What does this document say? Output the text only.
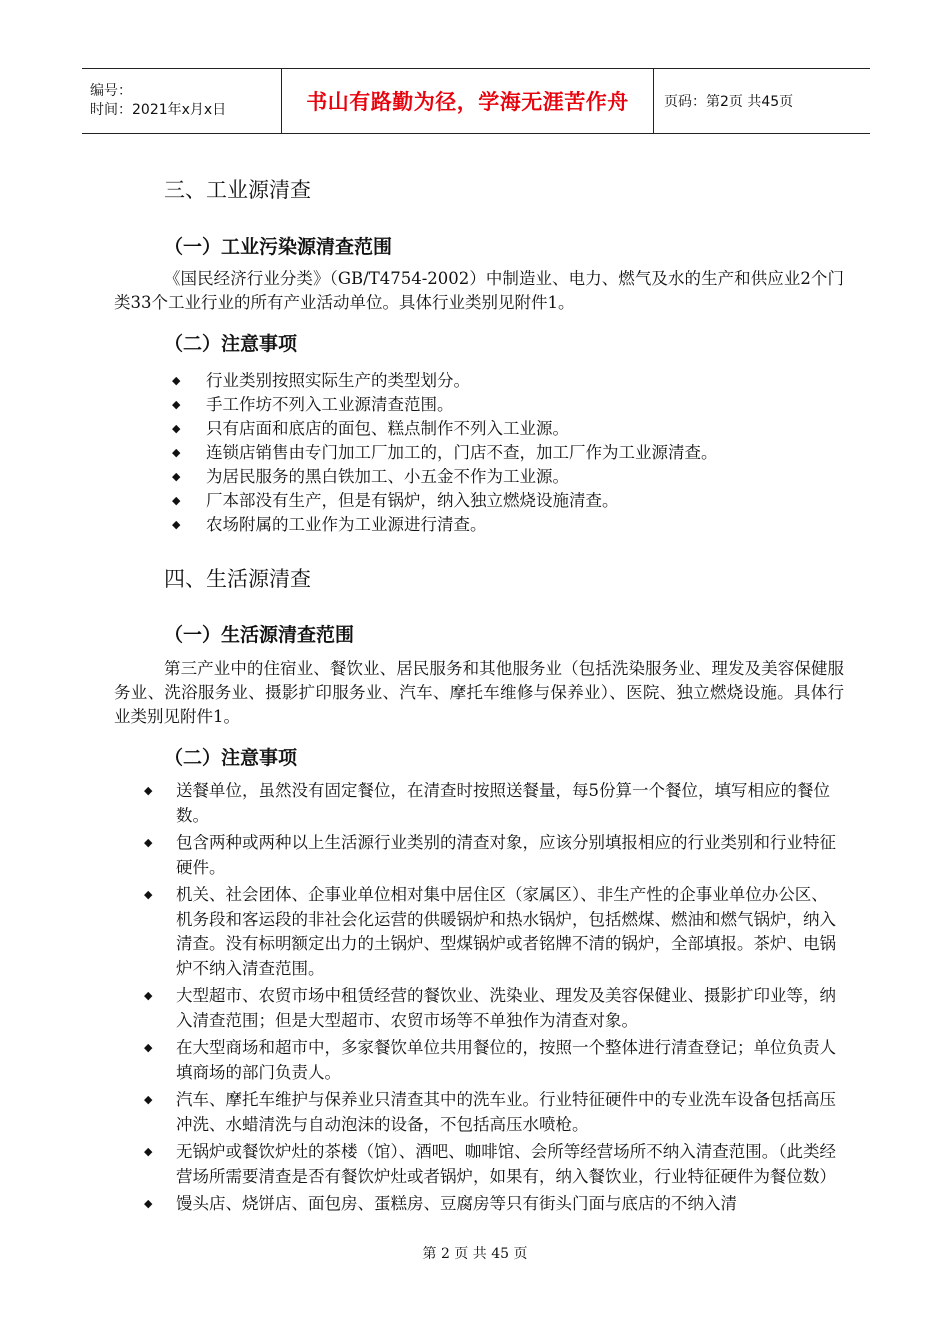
编号：
时间：2021年x月x日	书山有路勤为径，学海无涯苦作舟	页码：第2页 共45页
三、工业源清查
（一）工业污染源清查范围
《国民经济行业分类》（GB/T4754-2002）中制造业、电力、燃气及水的生产和供应业2个门类33个工业行业的所有产业活动单位。具体行业类别见附件1。
（二）注意事项
◆ 行业类别按照实际生产的类型划分。
◆ 手工作坊不列入工业源清查范围。
◆ 只有店面和底店的面包、糕点制作不列入工业源。
◆ 连锁店销售由专门加工厂加工的，门店不查，加工厂作为工业源清查。
◆ 为居民服务的黑白铁加工、小五金不作为工业源。
◆ 厂本部没有生产，但是有锅炉，纳入独立燃烧设施清查。
◆ 农场附属的工业作为工业源进行清查。
四、生活源清查
（一）生活源清查范围
第三产业中的住宿业、餐饮业、居民服务和其他服务业（包括洗染服务业、理发及美容保健服务业、洗浴服务业、摄影扩印服务业、汽车、摩托车维修与保养业）、医院、独立燃烧设施。具体行业类别见附件1。
（二）注意事项
◆ 送餐单位，虽然没有固定餐位，在清查时按照送餐量，每5份算一个餐位，填写相应的餐位数。
◆ 包含两种或两种以上生活源行业类别的清查对象，应该分别填报相应的行业类别和行业特征硬件。
◆ 机关、社会团体、企事业单位相对集中居住区（家属区）、非生产性的企事业单位办公区、机务段和客运段的非社会化运营的供暖锅炉和热水锅炉，包括燃煤、燃油和燃气锅炉，纳入清查。没有标明额定出力的土锅炉、型煤锅炉或者铭牌不清的锅炉，全部填报。茶炉、电锅炉不纳入清查范围。
◆ 大型超市、农贸市场中租赁经营的餐饮业、洗染业、理发及美容保健业、摄影扩印业等，纳入清查范围；但是大型超市、农贸市场等不单独作为清查对象。
◆ 在大型商场和超市中，多家餐饮单位共用餐位的，按照一个整体进行清查登记；单位负责人填商场的部门负责人。
◆ 汽车、摩托车维护与保养业只清查其中的洗车业。行业特征硬件中的专业洗车设备包括高压冲洗、水蜡清洗与自动泡沫的设备，不包括高压水喷枪。
◆ 无锅炉或餐饮炉灶的茶楼（馆）、酒吧、咖啡馆、会所等经营场所不纳入清查范围。（此类经营场所需要清查是否有餐饮炉灶或者锅炉，如果有，纳入餐饮业，行业特征硬件为餐位数）
◆ 馒头店、烧饼店、面包房、蛋糕房、豆腐房等只有街头门面与底店的不纳入清
第 2 页 共 45 页
